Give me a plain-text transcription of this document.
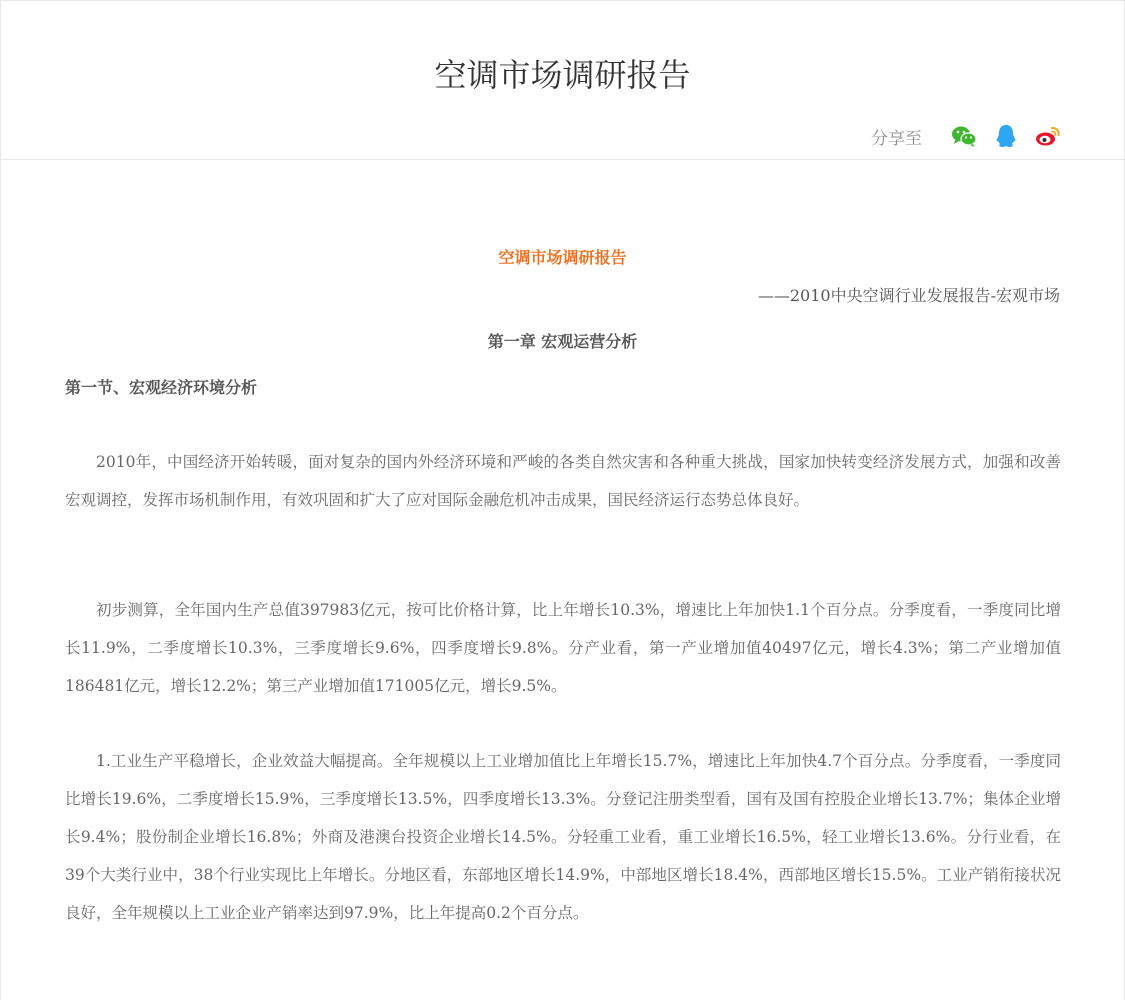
空调市场调研报告
分享至

空调市场调研报告

——2010中央空调行业发展报告-宏观市场

第一章 宏观运营分析

第一节、宏观经济环境分析

2010年，中国经济开始转暖，面对复杂的国内外经济环境和严峻的各类自然灾害和各种重大挑战，国家加快转变经济发展方式，加强和改善宏观调控，发挥市场机制作用，有效巩固和扩大了应对国际金融危机冲击成果，国民经济运行态势总体良好。

初步测算，全年国内生产总值397983亿元，按可比价格计算，比上年增长10.3%，增速比上年加快1.1个百分点。分季度看，一季度同比增长11.9%，二季度增长10.3%，三季度增长9.6%，四季度增长9.8%。分产业看，第一产业增加值40497亿元，增长4.3%；第二产业增加值186481亿元，增长12.2%；第三产业增加值171005亿元，增长9.5%。

1.工业生产平稳增长，企业效益大幅提高。全年规模以上工业增加值比上年增长15.7%，增速比上年加快4.7个百分点。分季度看，一季度同比增长19.6%，二季度增长15.9%，三季度增长13.5%，四季度增长13.3%。分登记注册类型看，国有及国有控股企业增长13.7%；集体企业增长9.4%；股份制企业增长16.8%；外商及港澳台投资企业增长14.5%。分轻重工业看，重工业增长16.5%，轻工业增长13.6%。分行业看，在39个大类行业中，38个行业实现比上年增长。分地区看，东部地区增长14.9%，中部地区增长18.4%，西部地区增长15.5%。工业产销衔接状况良好，全年规模以上工业企业产销率达到97.9%，比上年提高0.2个百分点。
